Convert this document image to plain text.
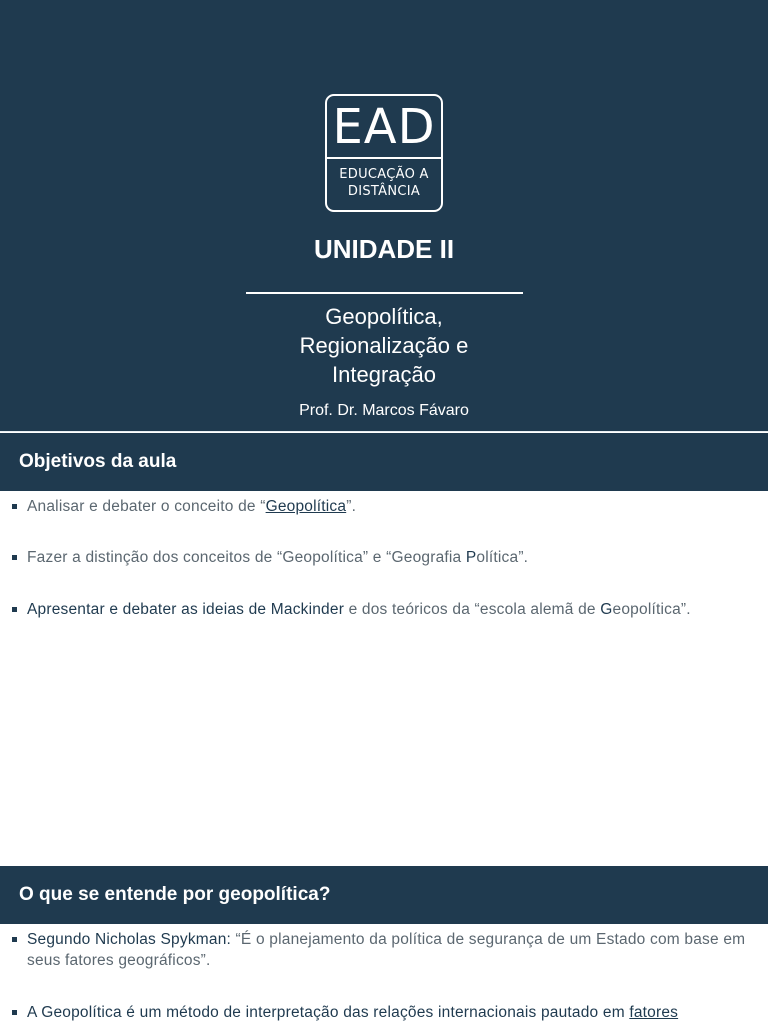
EAD
EDUCAÇÃO A
DISTÂNCIA
UNIDADE II
Geopolítica,
Regionalização e
Integração
Prof. Dr. Marcos Fávaro
Objetivos da aula
Analisar e debater o conceito de “Geopolítica”.
Fazer a distinção dos conceitos de “Geopolítica” e “Geografia Política”.
Apresentar e debater as ideias de Mackinder e dos teóricos da “escola alemã de Geopolítica”.
O que se entende por geopolítica?
Segundo Nicholas Spykman: “É o planejamento da política de segurança de um Estado com base em seus fatores geográficos”.
A Geopolítica é um método de interpretação das relações internacionais pautado em fatores
